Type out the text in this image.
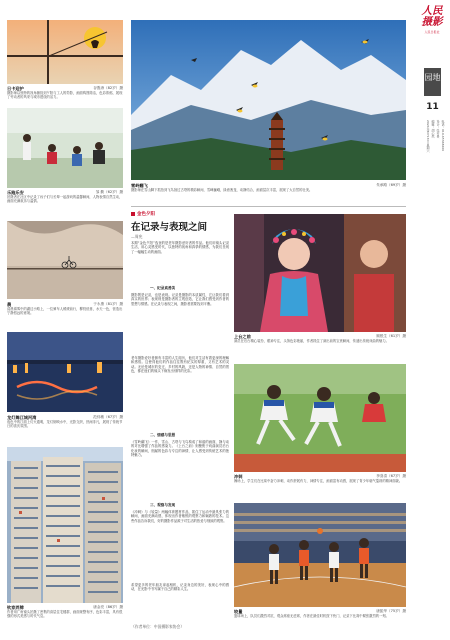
人民摄影
人民日报社
园地
11
2024年4月13日 星期六 编辑：胡心然 设计：张芳曼 电话：010-65368466
日卡迎护	谷胜涛（82岁）摄
摄影师以独特的视角捕捉到夕阳与工人的剪影，画面构图简洁，色彩浓郁，展现了劳动者的风采与城市建设的活力。
乐跑乐安	邹 勤（62岁）摄
拍摄者在社区中记录了孩子们与长辈一起游戏的温馨瞬间，人物表情自然生动，画面充满欢乐与温情。
晨	于永康（81岁）摄
清晨薄雾中的湖边小路上，一位骑车人缓缓前行，柳枝低垂，水天一色，营造出宁静悠远的意境。
龙灯舞江城河湾	范伟敏（67岁）摄
夜色中的江面上灯火通明，龙灯倒映水中，光影交织，热闹非凡，展现了传统节日的喜庆氛围。
钦家弄牌	唐金亮（86岁）摄
作者用广角镜头拍摄了密集的高层住宅楼群，画面规整有序，色彩丰富，具有很强的形式美感与时代气息。
雪岭翻飞	朱承路（69岁）摄
摄影师在雪山脚下抓拍到飞鸟掠过古塔的精彩瞬间，雪峰巍峨，绿意葱茏，动静结合，画面层次丰富，展现了大自然的壮美。
金色夕阳
在记录与表现之间
—周宪
本期“金色夕阳”选登的是老年摄影爱好者的作品。他们用镜头记录生活，用心灵感受时代，以独特的视角和真挚的情感，为我们呈现了一幅幅生动的画面。
一、纪录真善美
摄影既是记录，也是表现。记录是摄影的本质属性，它让我们看到真实的世界；表现则是摄影者的主观创造，它让我们感受到作者的思想与情感。在记录与表现之间，摄影者需要找到平衡。
老年摄影爱好者拥有丰富的人生阅历，他们对生活有着更深的理解和感悟。这使得他们的作品往往既有纪实的厚重，又有艺术的灵动。无论是城市的变迁、乡村的风貌，还是人物的神情、自然的景色，都在他们的镜头下焕发出别样的光彩。
二、情感与思想
《雪岭翻飞》一作，雪山、古塔与飞鸟构成了和谐的画面，静与动的对比增强了作品的感染力。《上台之前》则聚焦于戏曲演员后台化妆的瞬间，细腻的色彩与专注的神情，让人感受到传统艺术的独特魅力。
三、观察与发现
《冲刺》与《较量》两幅体育题材作品，抓住了运动中最具张力的瞬间，画面充满动感，体现出作者敏锐的观察力和娴熟的技术。这些作品告诉我们，好的摄影作品源于对生活的热爱与细致的观察。
希望更多的老年朋友拿起相机，记录身边的美好，表现心中的感动，在光影中书写属于自己的精彩人生。
（作者单位：中国摄影家协会）
上台之前	顾根生（61岁）摄
演员在后台精心装扮，眼神专注，头饰色彩艳丽，作者抓住了演出前的宝贵瞬间，传递出传统戏曲的魅力。
冲刺	李喜清（67岁）摄
操场上，学生们在比赛中奋力冲刺，动作舒展有力，神情专注，画面富有动感，展现了青少年朝气蓬勃的精神面貌。
较量	唐振华（75岁）摄
篮球场上，队员们激烈对抗，观众席座无虚席，作者在最佳时机按下快门，记录下比赛中紧张激烈的一刻。
